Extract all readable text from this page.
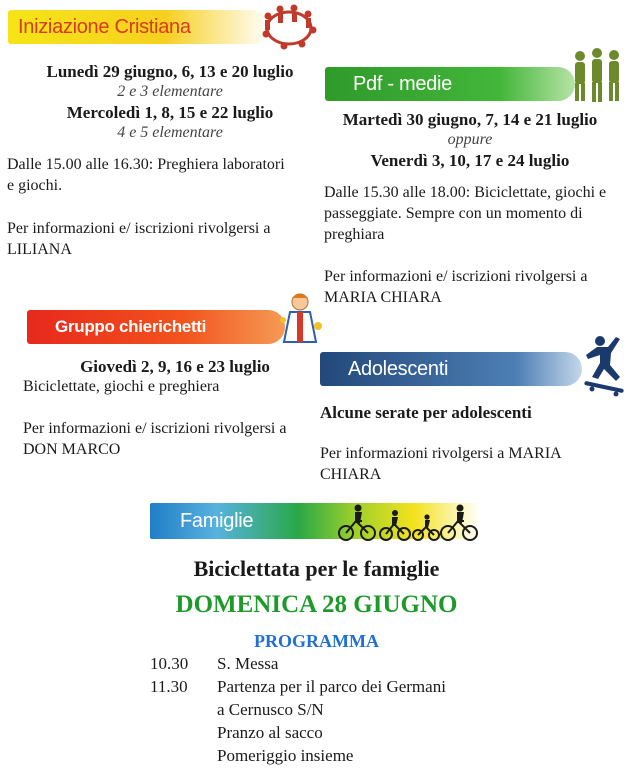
Iniziazione Cristiana
Lunedì 29 giugno, 6, 13 e 20 luglio
2 e 3 elementare
Mercoledì 1, 8, 15 e 22 luglio
4 e 5 elementare
Dalle 15.00 alle 16.30: Preghiera laboratori
e giochi.
Per informazioni e/ iscrizioni rivolgersi a
LILIANA
Pdf - medie
Martedì 30 giugno, 7, 14 e 21 luglio
oppure
Venerdì 3, 10, 17 e 24 luglio
Dalle 15.30 alle 18.00: Biciclettate, giochi e
passeggiate. Sempre con un momento di
preghiara
Per informazioni e/ iscrizioni rivolgersi a
MARIA CHIARA
Gruppo chierichetti
Giovedì 2, 9, 16 e 23 luglio
Biciclettate, giochi e preghiera
Per informazioni e/ iscrizioni rivolgersi a
DON MARCO
Adolescenti
Alcune serate per adolescenti
Per informazioni rivolgersi a MARIA
CHIARA
Famiglie
Biciclettata per le famiglie
DOMENICA 28 GIUGNO
PROGRAMMA
10.30 S. Messa
11.30 Partenza per il parco dei Germani
a Cernusco S/N
Pranzo al sacco
Pomeriggio insieme
